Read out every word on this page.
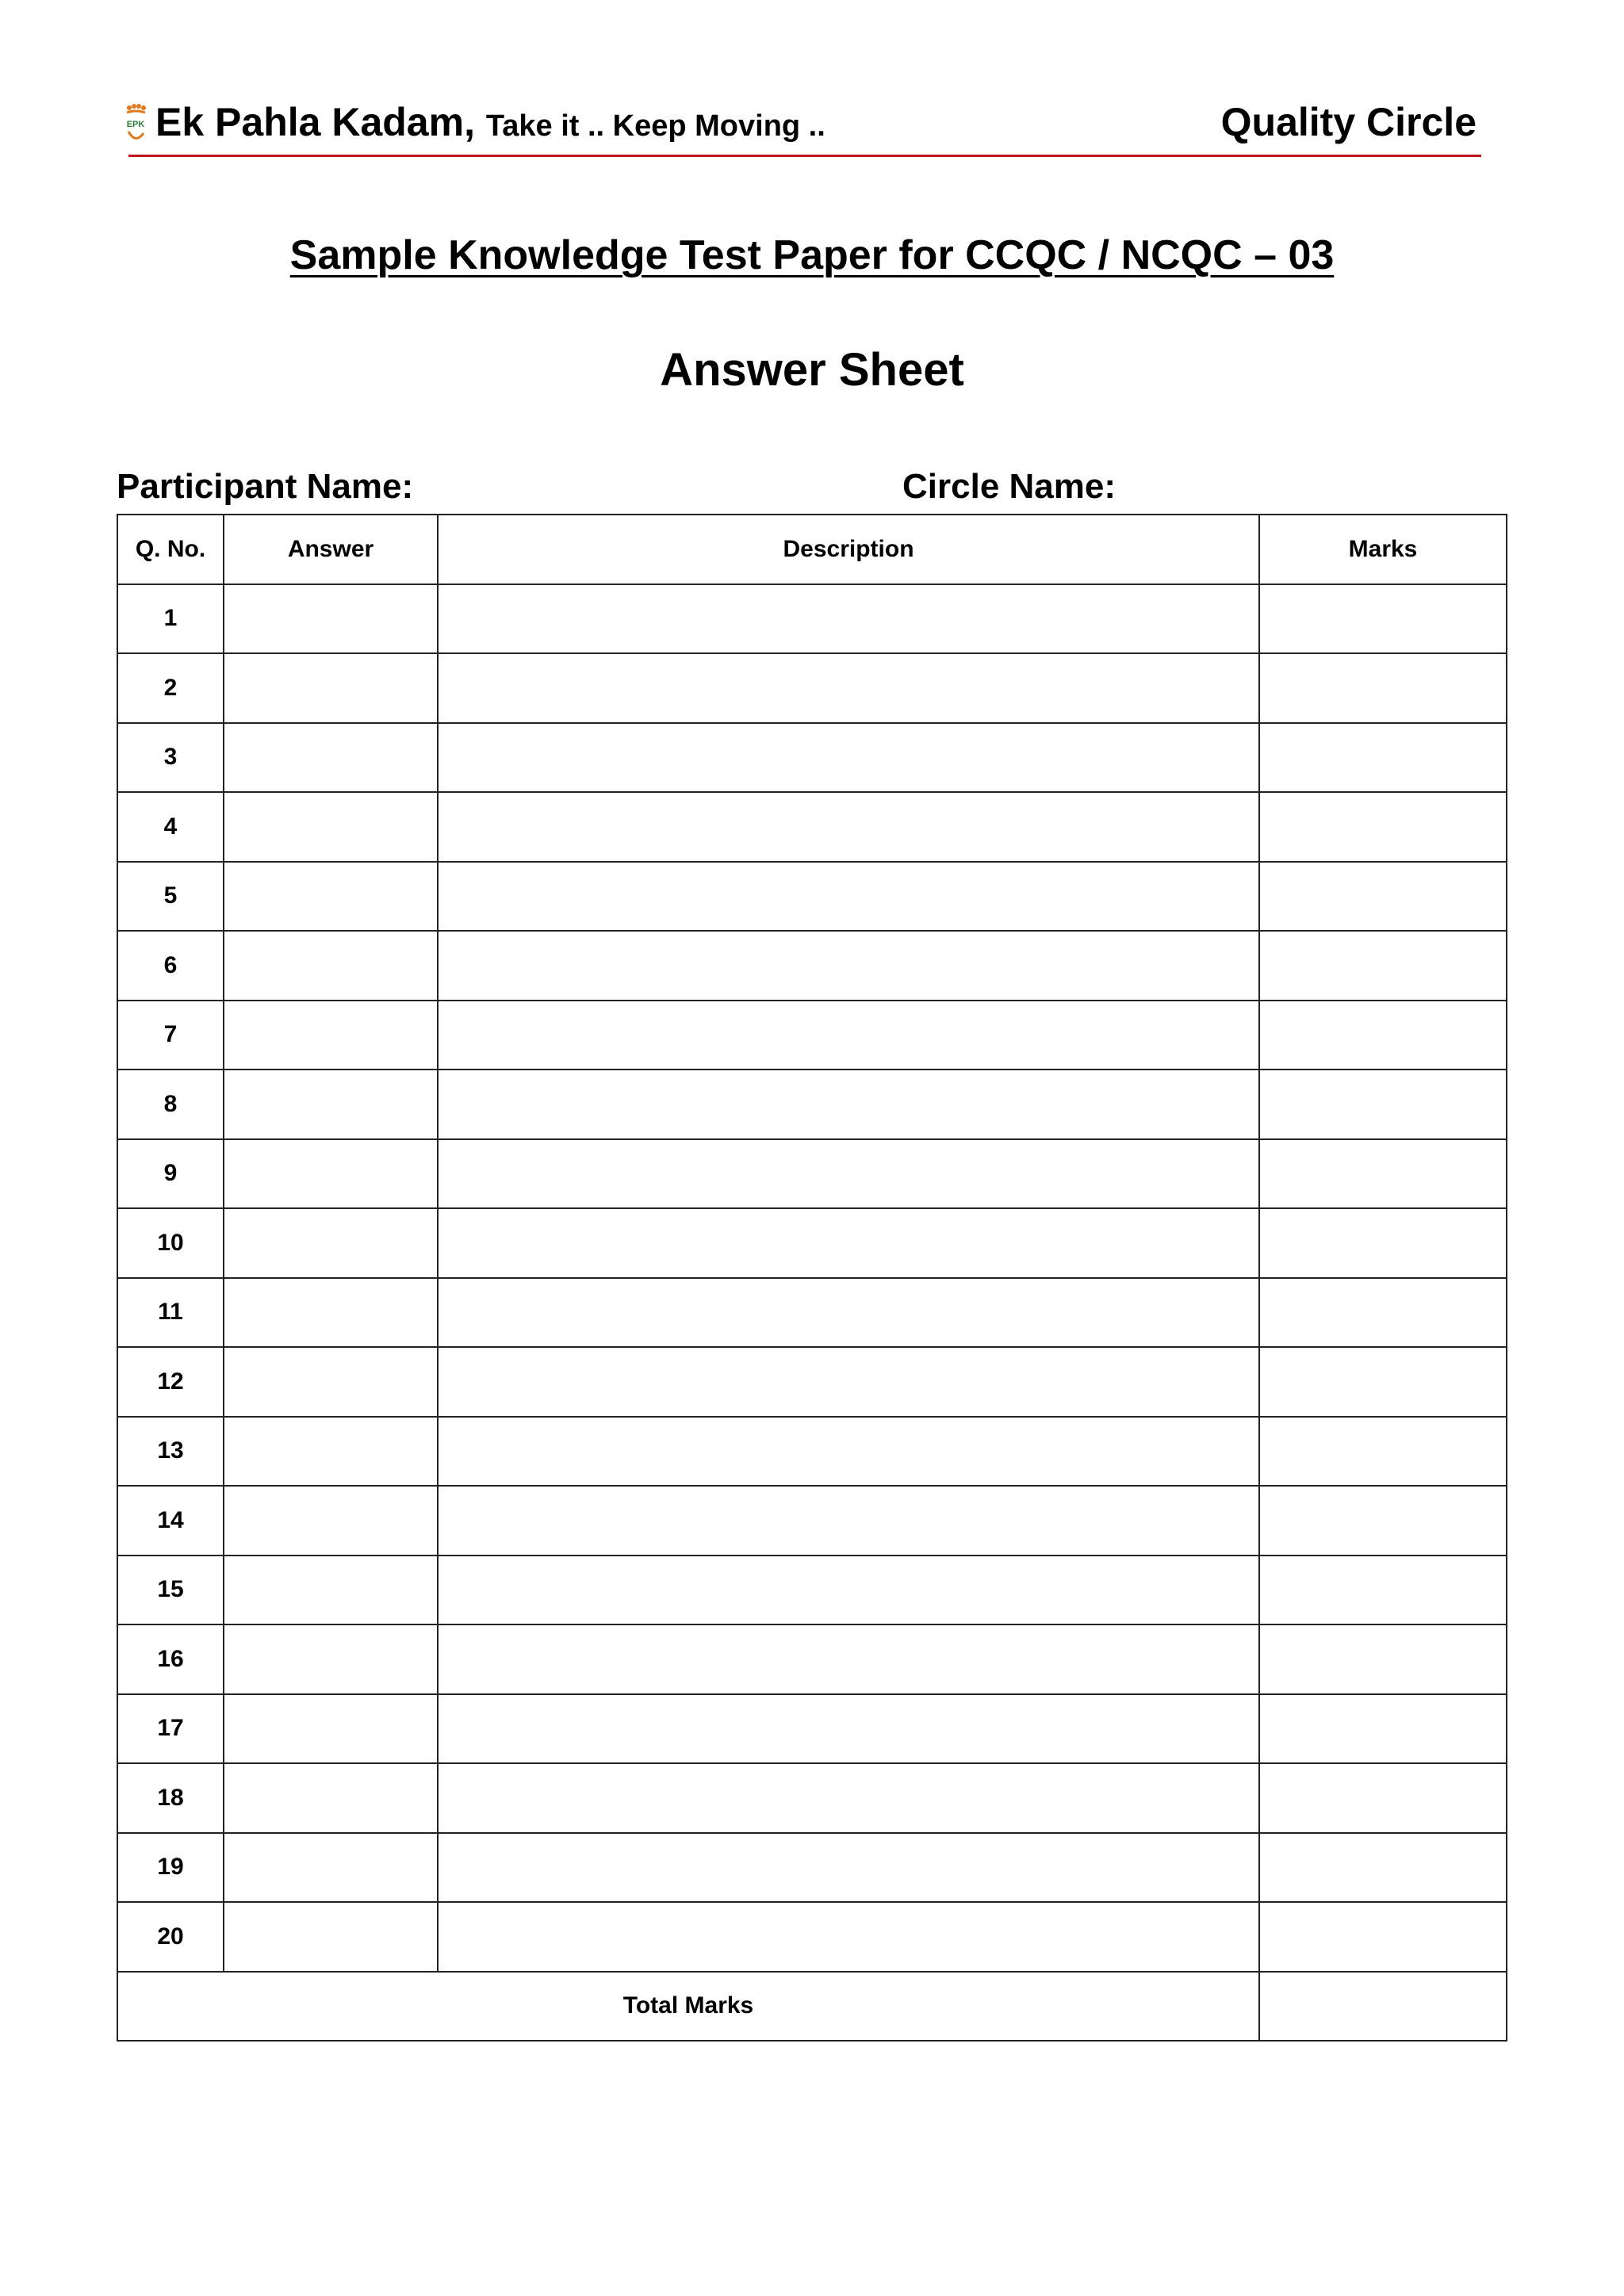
EPK Ek Pahla Kadam, Take it .. Keep Moving ..	Quality Circle
Sample Knowledge Test Paper for CCQC / NCQC – 03
Answer Sheet
Participant Name:	Circle Name:
Q. No.	Answer	Description	Marks
1			
2			
3			
4			
5			
6			
7			
8			
9			
10			
11			
12			
13			
14			
15			
16			
17			
18			
19			
20			
Total Marks			
